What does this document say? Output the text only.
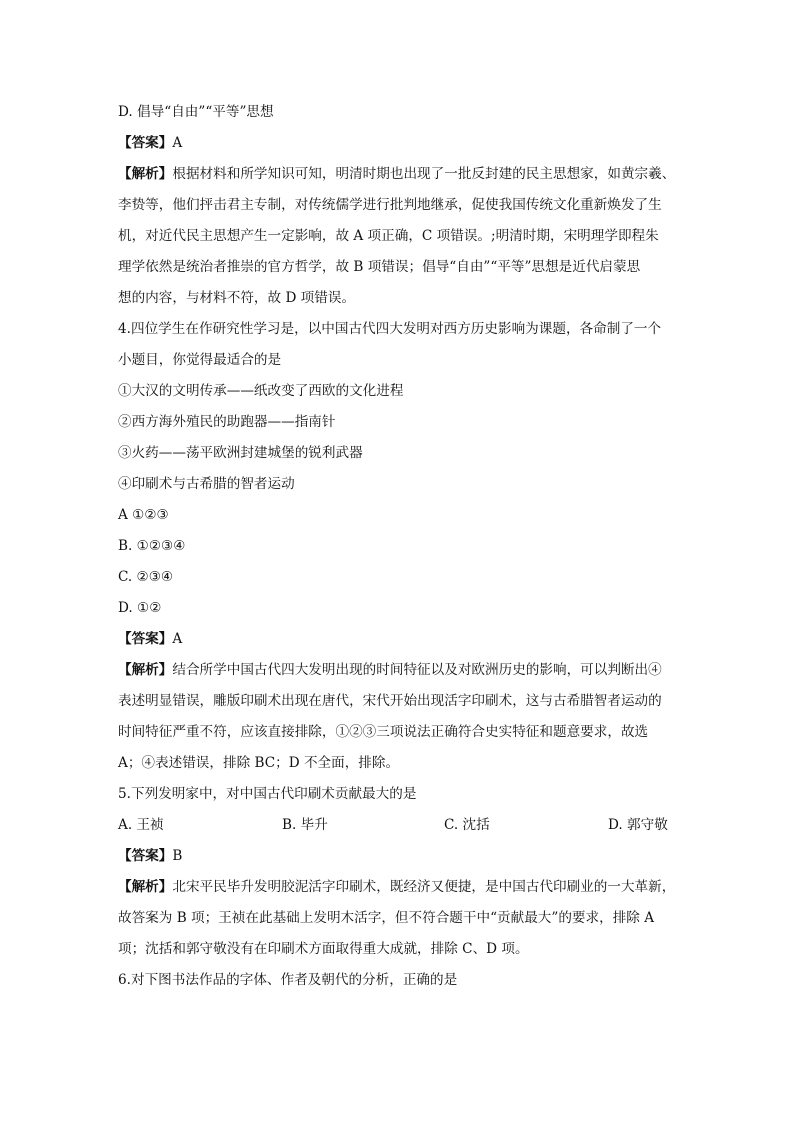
D. 倡导“自由”“平等”思想
【答案】A
【解析】根据材料和所学知识可知，明清时期也出现了一批反封建的民主思想家，如黄宗羲、
李贽等，他们抨击君主专制，对传统儒学进行批判地继承，促使我国传统文化重新焕发了生
机，对近代民主思想产生一定影响，故 A 项正确，C 项错误。;明清时期，宋明理学即程朱
理学依然是统治者推崇的官方哲学，故 B 项错误；倡导“自由”“平等”思想是近代启蒙思
想的内容，与材料不符，故 D 项错误。
4.四位学生在作研究性学习是，以中国古代四大发明对西方历史影响为课题，各命制了一个
小题目，你觉得最适合的是
①大汉的文明传承——纸改变了西欧的文化进程
②西方海外殖民的助跑器——指南针
③火药——荡平欧洲封建城堡的锐利武器
④印刷术与古希腊的智者运动
A ①②③
B. ①②③④
C. ②③④
D. ①②
【答案】A
【解析】结合所学中国古代四大发明出现的时间特征以及对欧洲历史的影响，可以判断出④
表述明显错误，雕版印刷术出现在唐代，宋代开始出现活字印刷术，这与古希腊智者运动的
时间特征严重不符，应该直接排除，①②③三项说法正确符合史实特征和题意要求，故选
A；④表述错误，排除 BC；D 不全面，排除。
5.下列发明家中，对中国古代印刷术贡献最大的是
A. 王祯	B. 毕升	C. 沈括	D. 郭守敬
【答案】B
【解析】北宋平民毕升发明胶泥活字印刷术，既经济又便捷，是中国古代印刷业的一大革新，
故答案为 B 项；王祯在此基础上发明木活字，但不符合题干中“贡献最大”的要求，排除 A
项；沈括和郭守敬没有在印刷术方面取得重大成就，排除 C、D 项。
6.对下图书法作品的字体、作者及朝代的分析，正确的是
